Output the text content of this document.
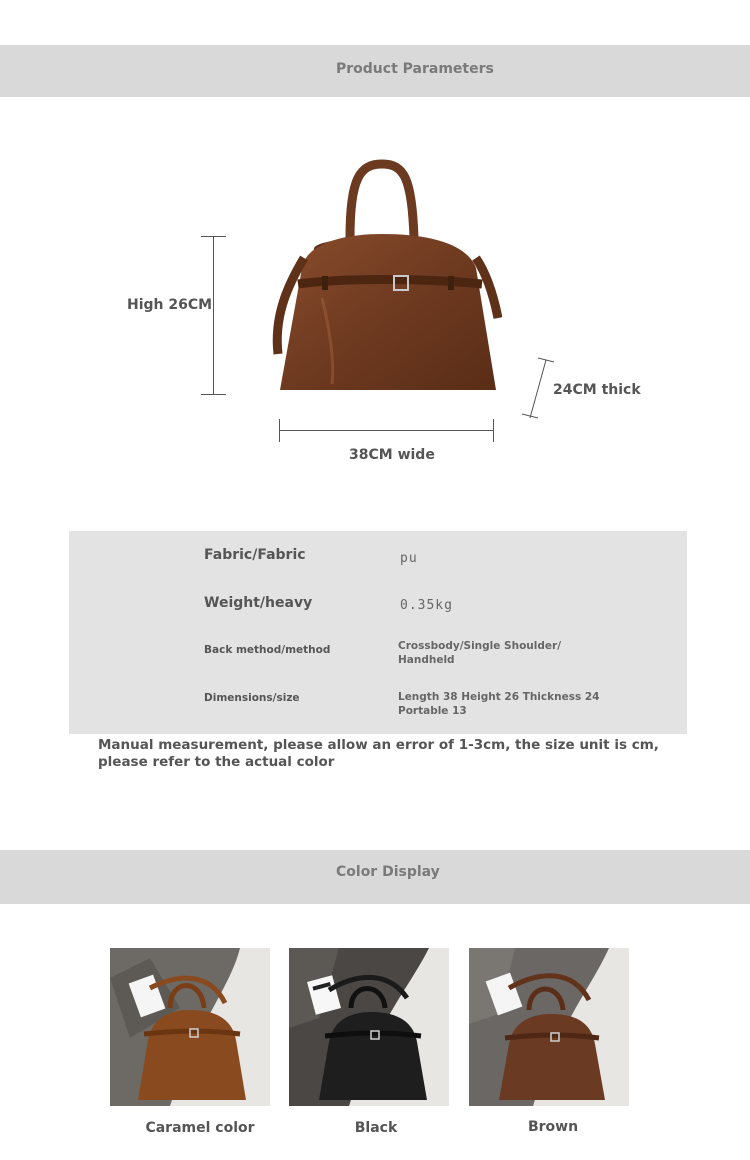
Product Parameters
High 26CM
24CM thick
38CM wide
Fabric/Fabric	pu
Weight/heavy	0.35kg
Back method/method	Crossbody/Single Shoulder/
Handheld
Dimensions/size	Length 38 Height 26 Thickness 24
Portable 13
Manual measurement, please allow an error of 1-3cm, the size unit is cm, please refer to the actual color
Color Display
Caramel color	Black	Brown
